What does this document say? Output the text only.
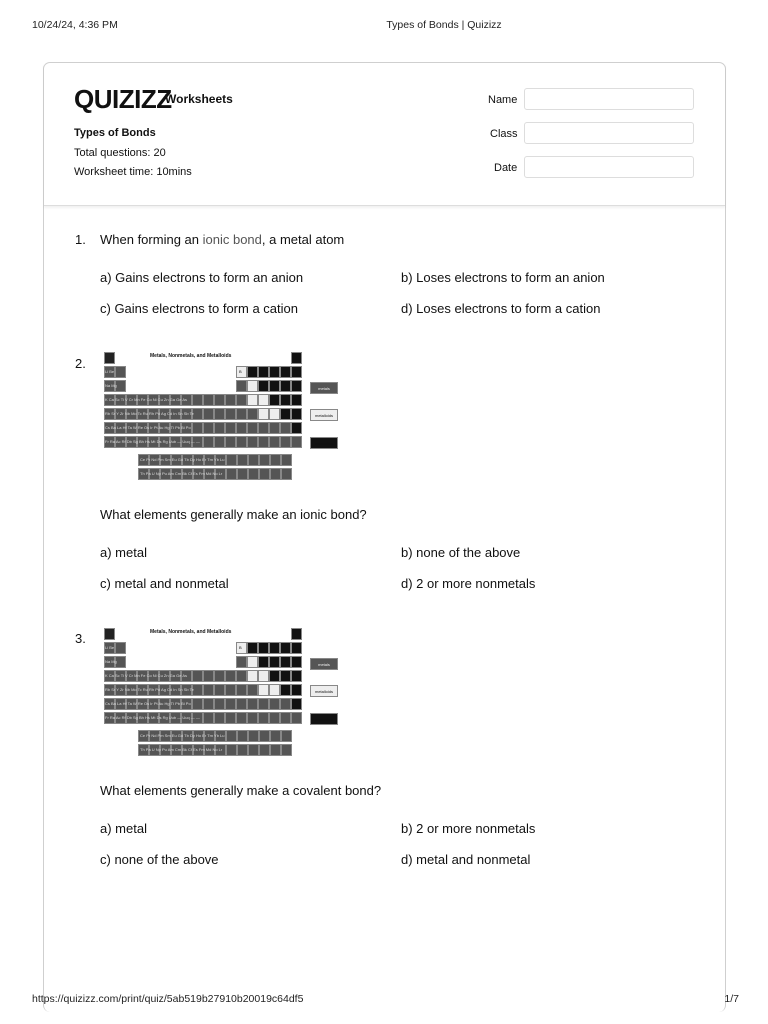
10/24/24, 4:36 PM	Types of Bonds | Quizizz
QUIZIZZ
Worksheets
Types of Bonds
Total questions: 20
Worksheet time: 10mins
Name
Class
Date
1. When forming an ionic bond, a metal atom
a) Gains electrons to form an anion	b) Loses electrons to form an anion
c) Gains electrons to form a cation	d) Loses electrons to form a cation
2.
Li Be
Na Mg
K Ca Sc Ti V Cr Mn Fe Co Ni Cu Zn Ga Ge As
Rb Sr Y Zr Nb Mo Tc Ru Rh Pd Ag Cd In Sn Sb Te
Cs Ba La Hf Ta W Re Os Ir Pt Au Hg Tl Pb Bi Po
Fr Ra Ac Rf Db Sg Bh Hs Mt Ds Rg Uub — Uuq — —
B
Ce Pr Nd Pm Sm Eu Gd Tb Dy Ho Er Tm Yb Lu
Th Pa U Np Pu Am Cm Bk Cf Es Fm Md No Lr
Metals, Nonmetals, and Metalloids
metals
metalloids
nonmetals
What elements generally make an ionic bond?
a) metal	b) none of the above
c) metal and nonmetal	d) 2 or more nonmetals
3.
Li Be
Na Mg
K Ca Sc Ti V Cr Mn Fe Co Ni Cu Zn Ga Ge As
Rb Sr Y Zr Nb Mo Tc Ru Rh Pd Ag Cd In Sn Sb Te
Cs Ba La Hf Ta W Re Os Ir Pt Au Hg Tl Pb Bi Po
Fr Ra Ac Rf Db Sg Bh Hs Mt Ds Rg Uub — Uuq — —
B
Ce Pr Nd Pm Sm Eu Gd Tb Dy Ho Er Tm Yb Lu
Th Pa U Np Pu Am Cm Bk Cf Es Fm Md No Lr
Metals, Nonmetals, and Metalloids
metals
metalloids
nonmetals
What elements generally make a covalent bond?
a) metal	b) 2 or more nonmetals
c) none of the above	d) metal and nonmetal
https://quizizz.com/print/quiz/5ab519b27910b20019c64df5	1/7
